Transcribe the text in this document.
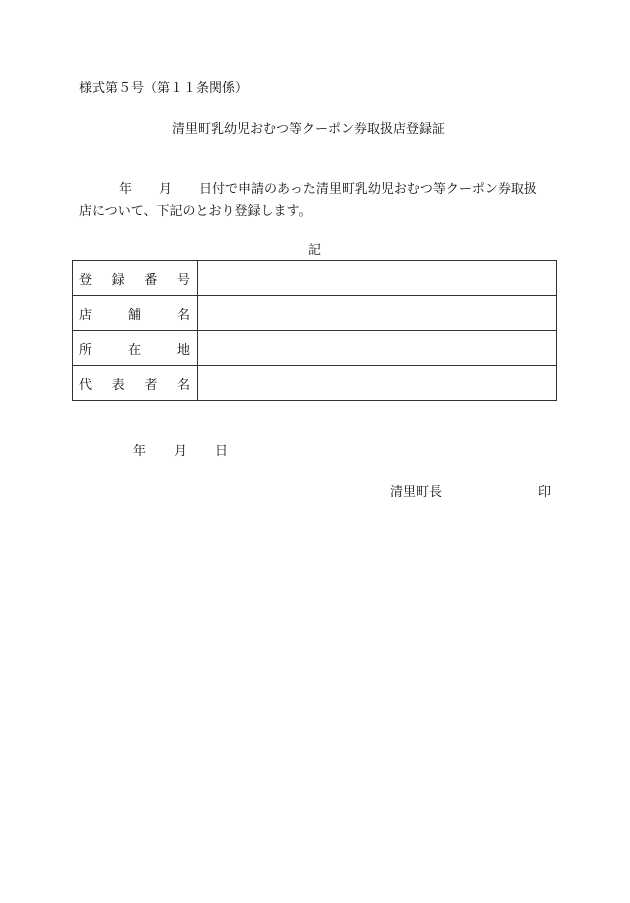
様式第５号（第１１条関係）
清里町乳幼児おむつ等クーポン券取扱店登録証
年 月 日付で申請のあった清里町乳幼児おむつ等クーポン券取扱
店について、下記のとおり登録します。
記
登 録 番 号	

店 舗 名	

所 在 地	

代 表 者 名	

年 月 日
清里町長	印
